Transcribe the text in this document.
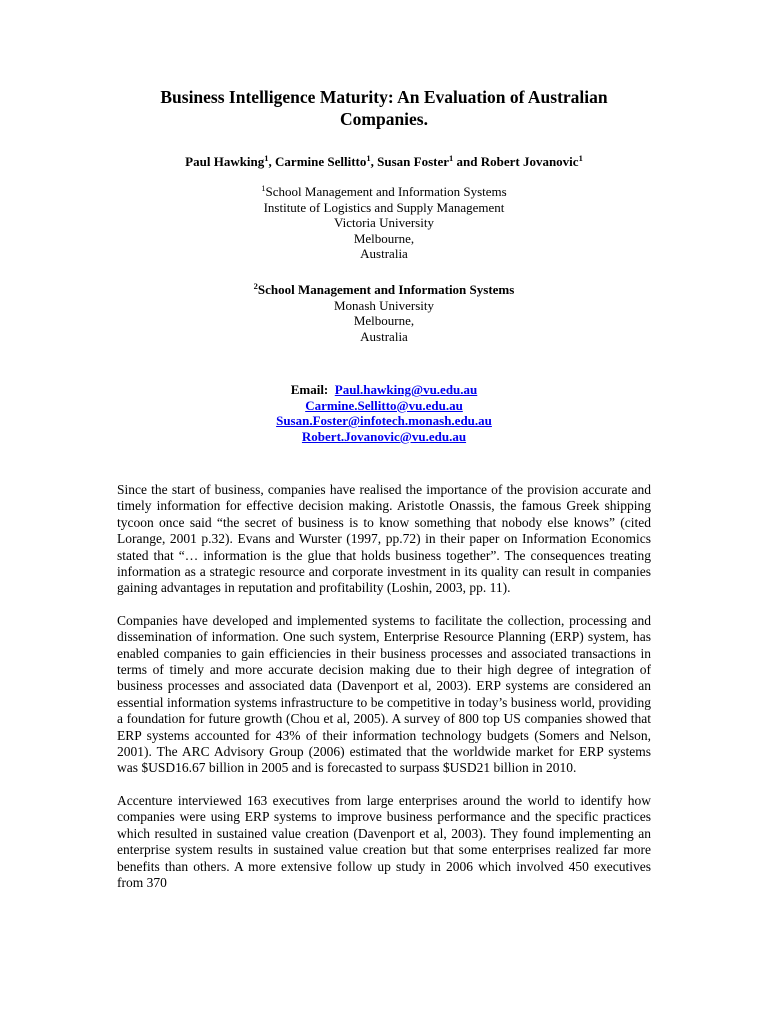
Business Intelligence Maturity: An Evaluation of Australian Companies.

Paul Hawking$^1$, Carmine Sellitto$^1$, Susan Foster$^1$ and Robert Jovanovic$^1$

$^1$School Management and Information Systems
Institute of Logistics and Supply Management
Victoria University
Melbourne,
Australia
$^2$School Management and Information Systems
Monash University
Melbourne,
Australia
Email: Paul.hawking@vu.edu.au
Carmine.Sellitto@vu.edu.au
Susan.Foster@infotech.monash.edu.au
Robert.Jovanovic@vu.edu.au

Since the start of business, companies have realised the importance of the provision accurate and timely information for effective decision making. Aristotle Onassis, the famous Greek shipping tycoon once said “the secret of business is to know something that nobody else knows” (cited Lorange, 2001 p.32). Evans and Wurster (1997, pp.72) in their paper on Information Economics stated that “… information is the glue that holds business together”. The consequences treating information as a strategic resource and corporate investment in its quality can result in companies gaining advantages in reputation and profitability (Loshin, 2003, pp. 11).

Companies have developed and implemented systems to facilitate the collection, processing and dissemination of information. One such system, Enterprise Resource Planning (ERP) system, has enabled companies to gain efficiencies in their business processes and associated transactions in terms of timely and more accurate decision making due to their high degree of integration of business processes and associated data (Davenport et al, 2003). ERP systems are considered an essential information systems infrastructure to be competitive in today’s business world, providing a foundation for future growth (Chou et al, 2005). A survey of 800 top US companies showed that ERP systems accounted for 43% of their information technology budgets (Somers and Nelson, 2001). The ARC Advisory Group (2006) estimated that the worldwide market for ERP systems was $USD16.67 billion in 2005 and is forecasted to surpass $USD21 billion in 2010.

Accenture interviewed 163 executives from large enterprises around the world to identify how companies were using ERP systems to improve business performance and the specific practices which resulted in sustained value creation (Davenport et al, 2003). They found implementing an enterprise system results in sustained value creation but that some enterprises realized far more benefits than others. A more extensive follow up study in 2006 which involved 450 executives from 370
